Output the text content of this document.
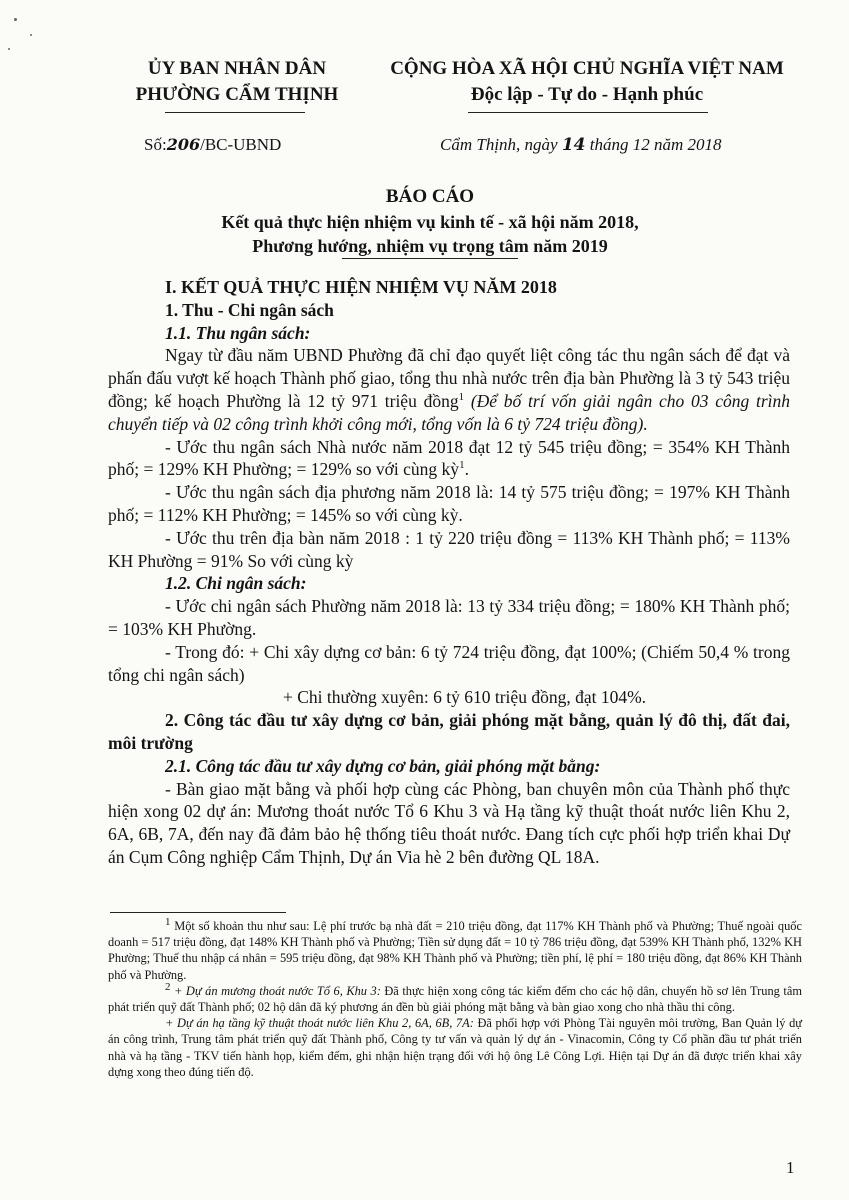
ỦY BAN NHÂN DÂN
PHƯỜNG CẨM THỊNH
CỘNG HÒA XÃ HỘI CHỦ NGHĨA VIỆT NAM
Độc lập - Tự do - Hạnh phúc
Số:206/BC-UBND	Cẩm Thịnh, ngày 14 tháng 12 năm 2018
BÁO CÁO
Kết quả thực hiện nhiệm vụ kinh tế - xã hội năm 2018,
Phương hướng, nhiệm vụ trọng tâm năm 2019

I. KẾT QUẢ THỰC HIỆN NHIỆM VỤ NĂM 2018

1. Thu - Chi ngân sách

1.1. Thu ngân sách:

Ngay từ đầu năm UBND Phường đã chỉ đạo quyết liệt công tác thu ngân sách để đạt và phấn đấu vượt kế hoạch Thành phố giao, tổng thu nhà nước trên địa bàn Phường là 3 tỷ 543 triệu đồng; kế hoạch Phường là 12 tỷ 971 triệu đồng$^1$ (Để bố trí vốn giải ngân cho 03 công trình chuyển tiếp và 02 công trình khởi công mới, tổng vốn là 6 tỷ 724 triệu đồng).

- Ước thu ngân sách Nhà nước năm 2018 đạt 12 tỷ 545 triệu đồng; = 354% KH Thành phố; = 129% KH Phường; = 129% so với cùng kỳ$^1$.

- Ước thu ngân sách địa phương năm 2018 là: 14 tỷ 575 triệu đồng; = 197% KH Thành phố; = 112% KH Phường; = 145% so với cùng kỳ.

- Ước thu trên địa bàn năm 2018 : 1 tỷ 220 triệu đồng = 113% KH Thành phố; = 113% KH Phường = 91% So với cùng kỳ

1.2. Chi ngân sách:

- Ước chi ngân sách Phường năm 2018 là: 13 tỷ 334 triệu đồng; = 180% KH Thành phố; = 103% KH Phường.

- Trong đó: + Chi xây dựng cơ bản: 6 tỷ 724 triệu đồng, đạt 100%; (Chiếm 50,4 % trong tổng chi ngân sách)

+ Chi thường xuyên: 6 tỷ 610 triệu đồng, đạt 104%.

2. Công tác đầu tư xây dựng cơ bản, giải phóng mặt bằng, quản lý đô thị, đất đai, môi trường

2.1. Công tác đầu tư xây dựng cơ bản, giải phóng mặt bằng:

- Bàn giao mặt bằng và phối hợp cùng các Phòng, ban chuyên môn của Thành phố thực hiện xong 02 dự án: Mương thoát nước Tổ 6 Khu 3 và Hạ tầng kỹ thuật thoát nước liên Khu 2, 6A, 6B, 7A, đến nay đã đảm bảo hệ thống tiêu thoát nước. Đang tích cực phối hợp triển khai Dự án Cụm Công nghiệp Cẩm Thịnh, Dự án Via hè 2 bên đường QL 18A.

$^1$ Một số khoản thu như sau: Lệ phí trước bạ nhà đất = 210 triệu đồng, đạt 117% KH Thành phố và Phường; Thuế ngoài quốc doanh = 517 triệu đồng, đạt 148% KH Thành phố và Phường; Tiền sử dụng đất = 10 tỷ 786 triệu đồng, đạt 539% KH Thành phố, 132% KH Phường; Thuế thu nhập cá nhân = 595 triệu đồng, đạt 98% KH Thành phố và Phường; tiền phí, lệ phí = 180 triệu đồng, đạt 86% KH Thành phố và Phường.

$^2$ + Dự án mương thoát nước Tổ 6, Khu 3: Đã thực hiện xong công tác kiểm đếm cho các hộ dân, chuyển hồ sơ lên Trung tâm phát triển quỹ đất Thành phố; 02 hộ dân đã ký phương án đền bù giải phóng mặt bằng và bàn giao xong cho nhà thầu thi công.

+ Dự án hạ tầng kỹ thuật thoát nước liên Khu 2, 6A, 6B, 7A: Đã phối hợp với Phòng Tài nguyên môi trường, Ban Quản lý dự án công trình, Trung tâm phát triển quỹ đất Thành phố, Công ty tư vấn và quản lý dự án - Vinacomin, Công ty Cổ phần đầu tư phát triển nhà và hạ tầng - TKV tiến hành họp, kiểm đếm, ghi nhận hiện trạng đối với hộ ông Lê Công Lợi. Hiện tại Dự án đã được triển khai xây dựng xong theo đúng tiến độ.

1
